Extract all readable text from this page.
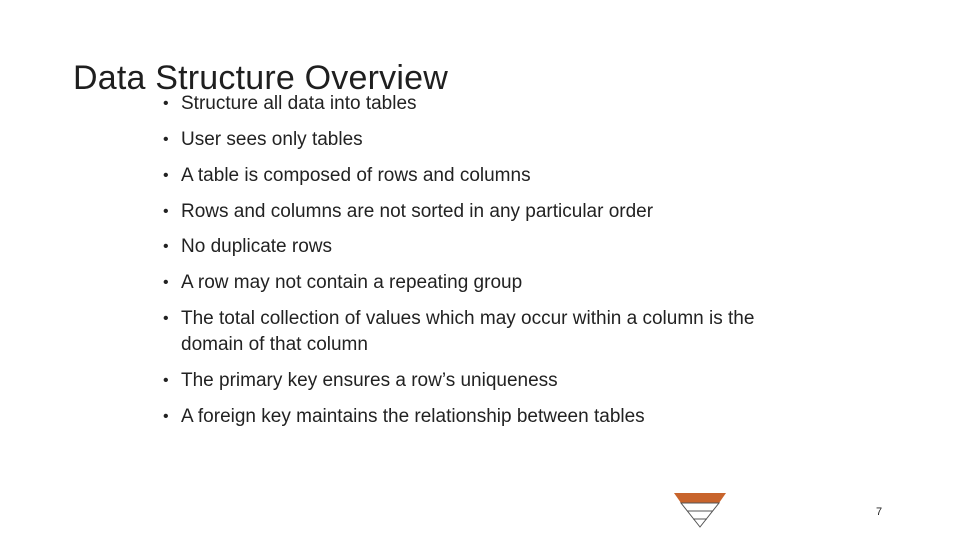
Data Structure Overview
• Structure all data into tables
• User sees only tables
• A table is composed of rows and columns
• Rows and columns are not sorted in any particular order
• No duplicate rows
• A row may not contain a repeating group
• The total collection of values which may occur within a column is the domain of that column
• The primary key ensures a row’s uniqueness
• A foreign key maintains the relationship between tables
7
